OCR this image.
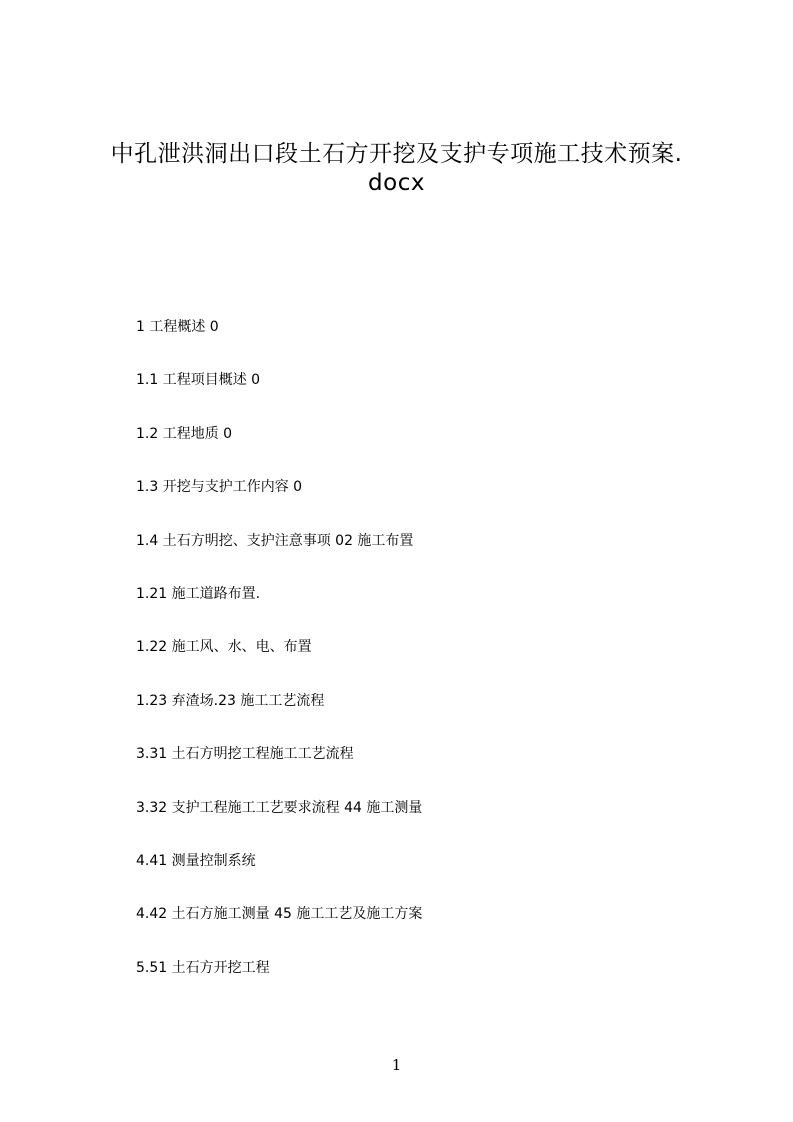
中孔泄洪洞出口段土石方开挖及支护专项施工技术预案.
docx
1 工程概述 0
1.1 工程项目概述 0
1.2 工程地质 0
1.3 开挖与支护工作内容 0
1.4 土石方明挖、支护注意事项 02 施工布置
1.21 施工道路布置.
1.22 施工风、水、电、布置
1.23 弃渣场.23 施工工艺流程
3.31 土石方明挖工程施工工艺流程
3.32 支护工程施工工艺要求流程 44 施工测量
4.41 测量控制系统
4.42 土石方施工测量 45 施工工艺及施工方案
5.51 土石方开挖工程
1
